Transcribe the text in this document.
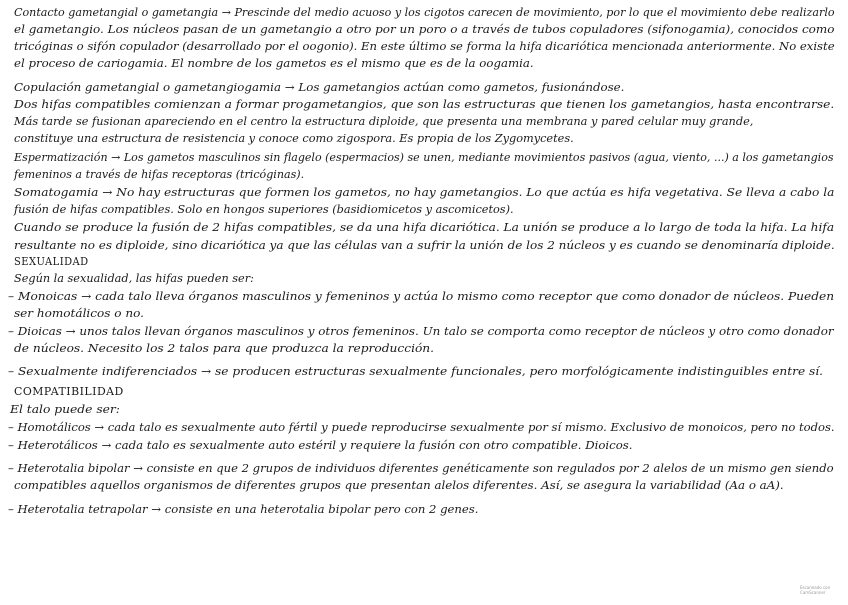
Contacto gametangial o gametangia → Prescinde del medio acuoso y los cigotos carecen de movimiento, por lo que el movimiento debe realizarlo
el gametangio. Los núcleos pasan de un gametangio a otro por un poro o a través de tubos copuladores (sifonogamia), conocidos como
tricóginas o sifón copulador (desarrollado por el oogonio). En este último se forma la hifa dicariótica mencionada anteriormente. No existe
el proceso de cariogamia. El nombre de los gametos es el mismo que es de la oogamia.
Copulación gametangial o gametangiogamia → Los gametangios actúan como gametos, fusionándose.
Dos hifas compatibles comienzan a formar progametangios, que son las estructuras que tienen los gametangios, hasta encontrarse.
Más tarde se fusionan apareciendo en el centro la estructura diploide, que presenta una membrana y pared celular muy grande,
constituye una estructura de resistencia y conoce como zigospora. Es propia de los Zygomycetes.
Espermatización → Los gametos masculinos sin flagelo (espermacios) se unen, mediante movimientos pasivos (agua, viento, ...) a los gametangios
femeninos a través de hifas receptoras (tricóginas).
Somatogamia → No hay estructuras que formen los gametos, no hay gametangios. Lo que actúa es hifa vegetativa. Se lleva a cabo la
fusión de hifas compatibles. Solo en hongos superiores (basidiomicetos y ascomicetos).
Cuando se produce la fusión de 2 hifas compatibles, se da una hifa dicariótica. La unión se produce a lo largo de toda la hifa. La hifa
resultante no es diploide, sino dicariótica ya que las células van a sufrir la unión de los 2 núcleos y es cuando se denominaría diploide.
SEXUALIDAD
Según la sexualidad, las hifas pueden ser:
– Monoicas → cada talo lleva órganos masculinos y femeninos y actúa lo mismo como receptor que como donador de núcleos. Pueden
ser homotálicos o no.
– Dioicas → unos talos llevan órganos masculinos y otros femeninos. Un talo se comporta como receptor de núcleos y otro como donador
de núcleos. Necesito los 2 talos para que produzca la reproducción.
– Sexualmente indiferenciados → se producen estructuras sexualmente funcionales, pero morfológicamente indistinguibles entre sí.
COMPATIBILIDAD
El talo puede ser:
– Homotálicos → cada talo es sexualmente auto fértil y puede reproducirse sexualmente por sí mismo. Exclusivo de monoicos, pero no todos.
– Heterotálicos → cada talo es sexualmente auto estéril y requiere la fusión con otro compatible. Dioicos.
– Heterotalia bipolar → consiste en que 2 grupos de individuos diferentes genéticamente son regulados por 2 alelos de un mismo gen siendo
compatibles aquellos organismos de diferentes grupos que presentan alelos diferentes. Así, se asegura la variabilidad (Aa o aA).
– Heterotalia tetrapolar → consiste en una heterotalia bipolar pero con 2 genes.
Escaneado con
CamScanner
